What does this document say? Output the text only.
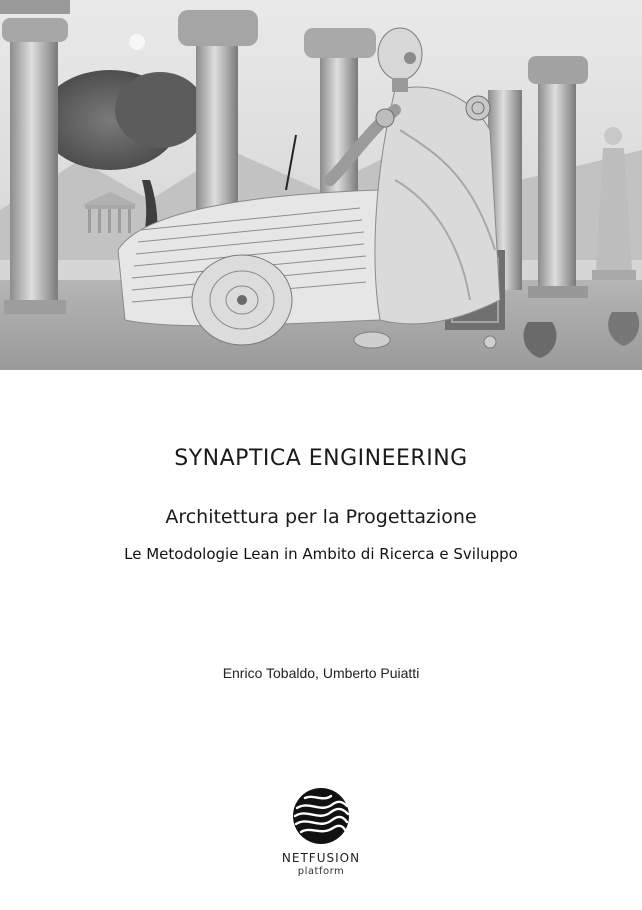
SYNAPTICA ENGINEERING
Architettura per la Progettazione
Le Metodologie Lean in Ambito di Ricerca e Sviluppo
Enrico Tobaldo, Umberto Puiatti
NETFUSION
platform
